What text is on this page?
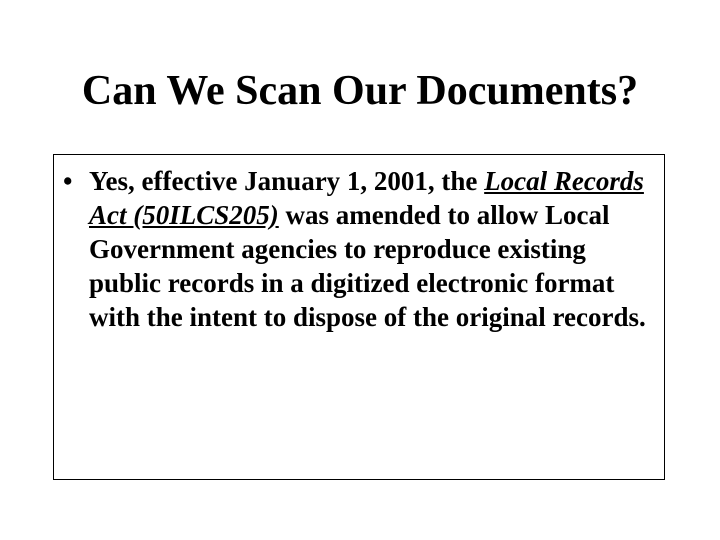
Can We Scan Our Documents?
• Yes, effective January 1, 2001, the Local Records Act (50ILCS205) was amended to allow Local Government agencies to reproduce existing public records in a digitized electronic format with the intent to dispose of the original records.
